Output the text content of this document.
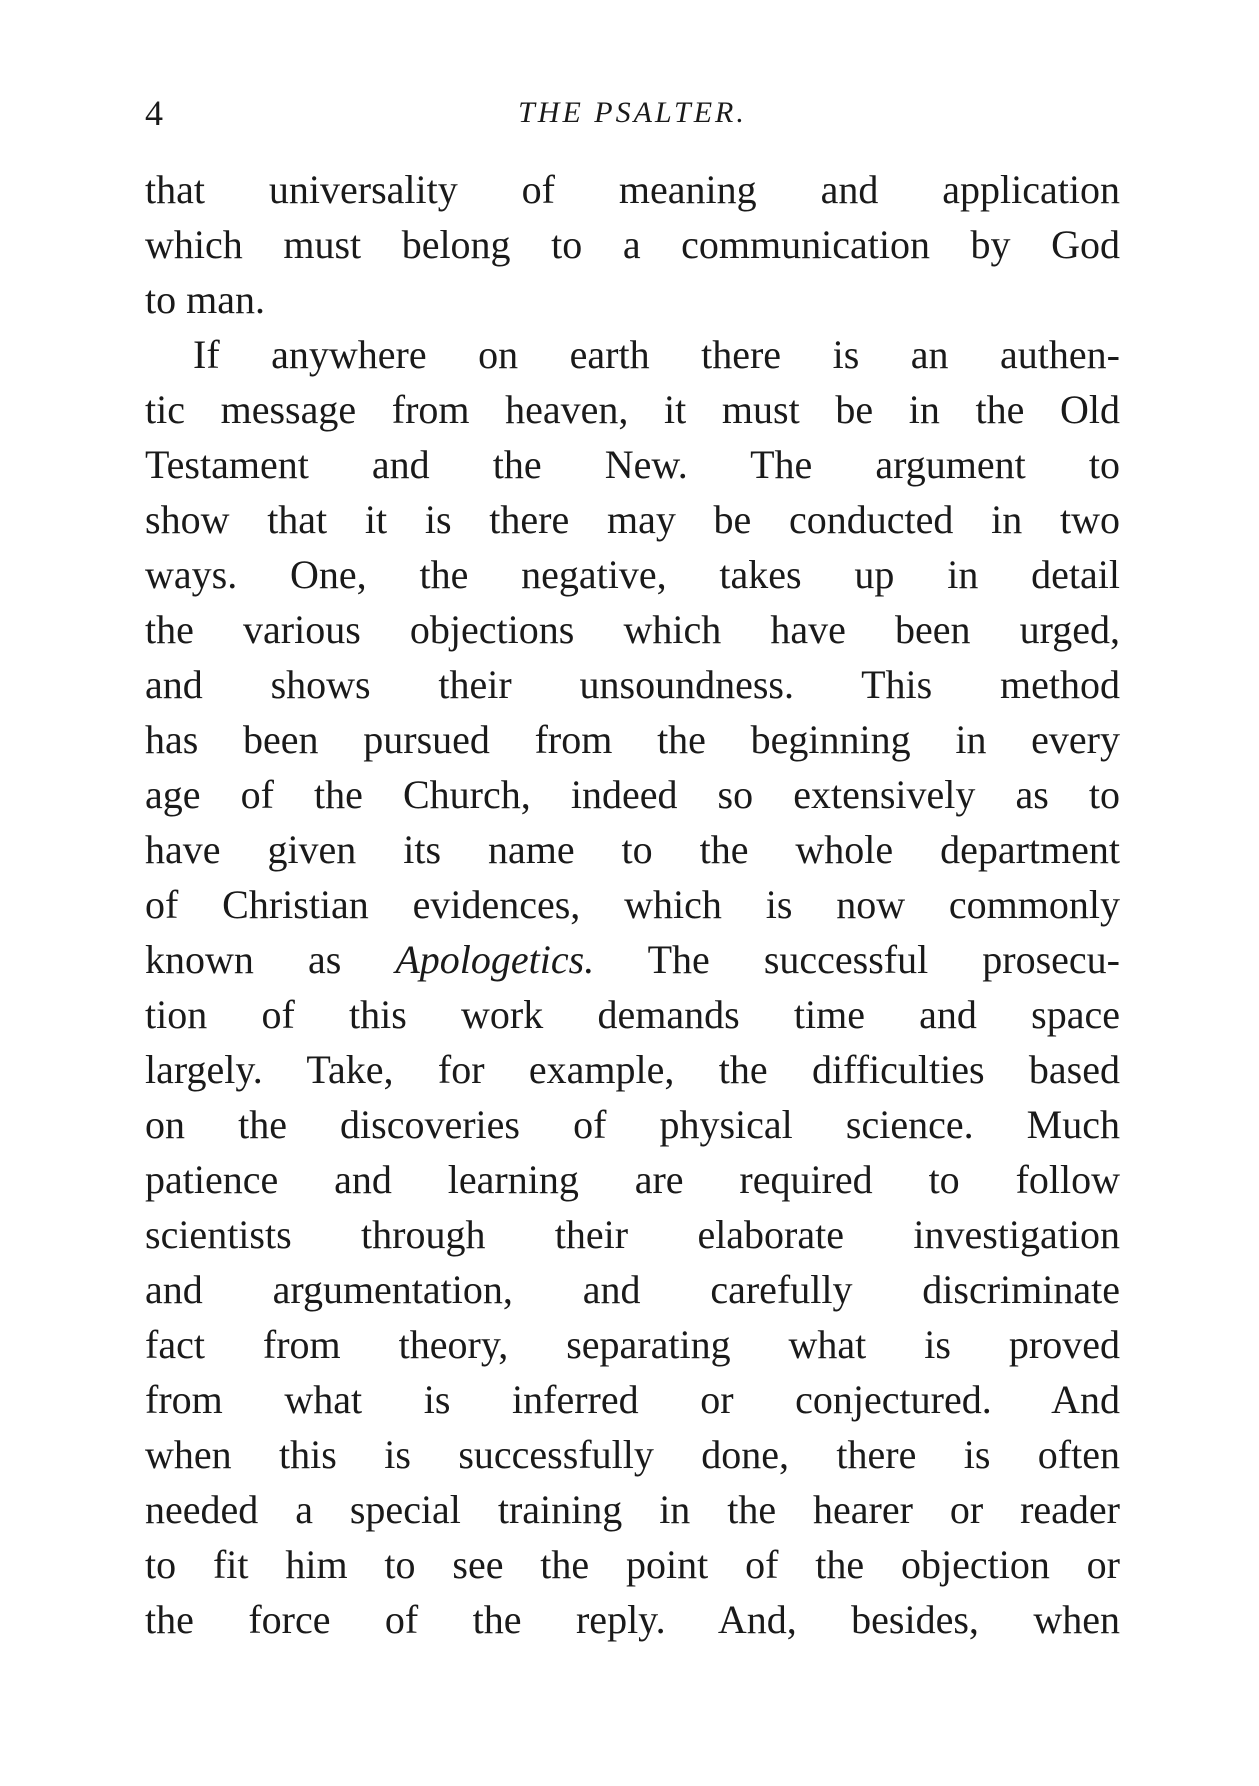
4	THE PSALTER.
that universality of meaning and application
which must belong to a communication by God
to man.
If anywhere on earth there is an authen-
tic message from heaven, it must be in the Old
Testament and the New. The argument to
show that it is there may be conducted in two
ways. One, the negative, takes up in detail
the various objections which have been urged,
and shows their unsoundness. This method
has been pursued from the beginning in every
age of the Church, indeed so extensively as to
have given its name to the whole department
of Christian evidences, which is now commonly
known as Apologetics. The successful prosecu-
tion of this work demands time and space
largely. Take, for example, the difficulties based
on the discoveries of physical science. Much
patience and learning are required to follow
scientists through their elaborate investigation
and argumentation, and carefully discriminate
fact from theory, separating what is proved
from what is inferred or conjectured. And
when this is successfully done, there is often
needed a special training in the hearer or reader
to fit him to see the point of the objection or
the force of the reply. And, besides, when
